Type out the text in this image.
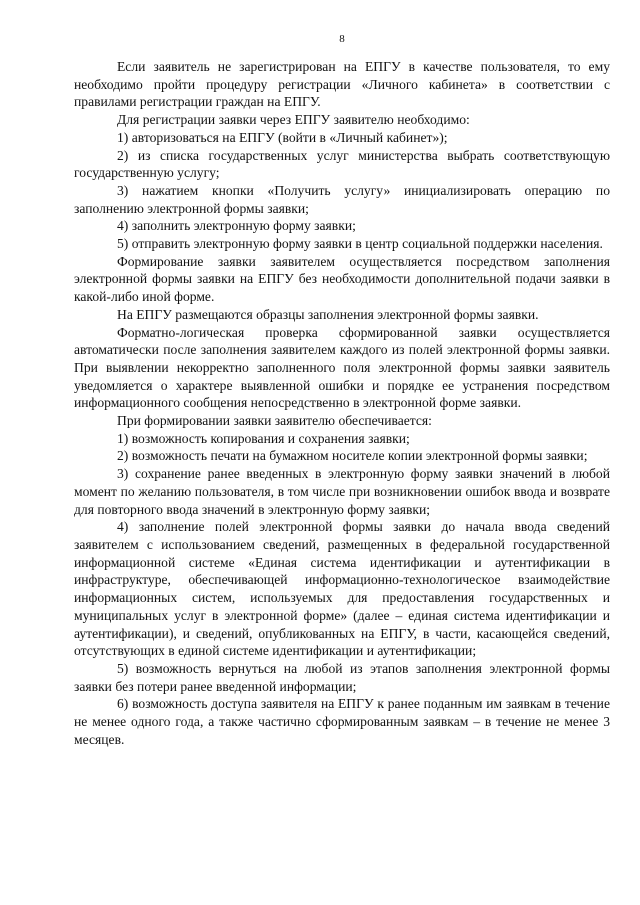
8

Если заявитель не зарегистрирован на ЕПГУ в качестве пользователя, то ему необходимо пройти процедуру регистрации «Личного кабинета» в соответствии с правилами регистрации граждан на ЕПГУ.

Для регистрации заявки через ЕПГУ заявителю необходимо:

1) авторизоваться на ЕПГУ (войти в «Личный кабинет»);

2) из списка государственных услуг министерства выбрать соответствующую государственную услугу;

3) нажатием кнопки «Получить услугу» инициализировать операцию по заполнению электронной формы заявки;

4) заполнить электронную форму заявки;

5) отправить электронную форму заявки в центр социальной поддержки населения.

Формирование заявки заявителем осуществляется посредством заполнения электронной формы заявки на ЕПГУ без необходимости дополнительной подачи заявки в какой-либо иной форме.

На ЕПГУ размещаются образцы заполнения электронной формы заявки.

Форматно-логическая проверка сформированной заявки осуществляется автоматически после заполнения заявителем каждого из полей электронной формы заявки. При выявлении некорректно заполненного поля электронной формы заявки заявитель уведомляется о характере выявленной ошибки и порядке ее устранения посредством информационного сообщения непосредственно в электронной форме заявки.

При формировании заявки заявителю обеспечивается:

1) возможность копирования и сохранения заявки;

2) возможность печати на бумажном носителе копии электронной формы заявки;

3) сохранение ранее введенных в электронную форму заявки значений в любой момент по желанию пользователя, в том числе при возникновении ошибок ввода и возврате для повторного ввода значений в электронную форму заявки;

4) заполнение полей электронной формы заявки до начала ввода сведений заявителем с использованием сведений, размещенных в федеральной государственной информационной системе «Единая система идентификации и аутентификации в инфраструктуре, обеспечивающей информационно-технологическое взаимодействие информационных систем, используемых для предоставления государственных и муниципальных услуг в электронной форме» (далее – единая система идентификации и аутентификации), и сведений, опубликованных на ЕПГУ, в части, касающейся сведений, отсутствующих в единой системе идентификации и аутентификации;

5) возможность вернуться на любой из этапов заполнения электронной формы заявки без потери ранее введенной информации;

6) возможность доступа заявителя на ЕПГУ к ранее поданным им заявкам в течение не менее одного года, а также частично сформированным заявкам – в течение не менее 3 месяцев.
